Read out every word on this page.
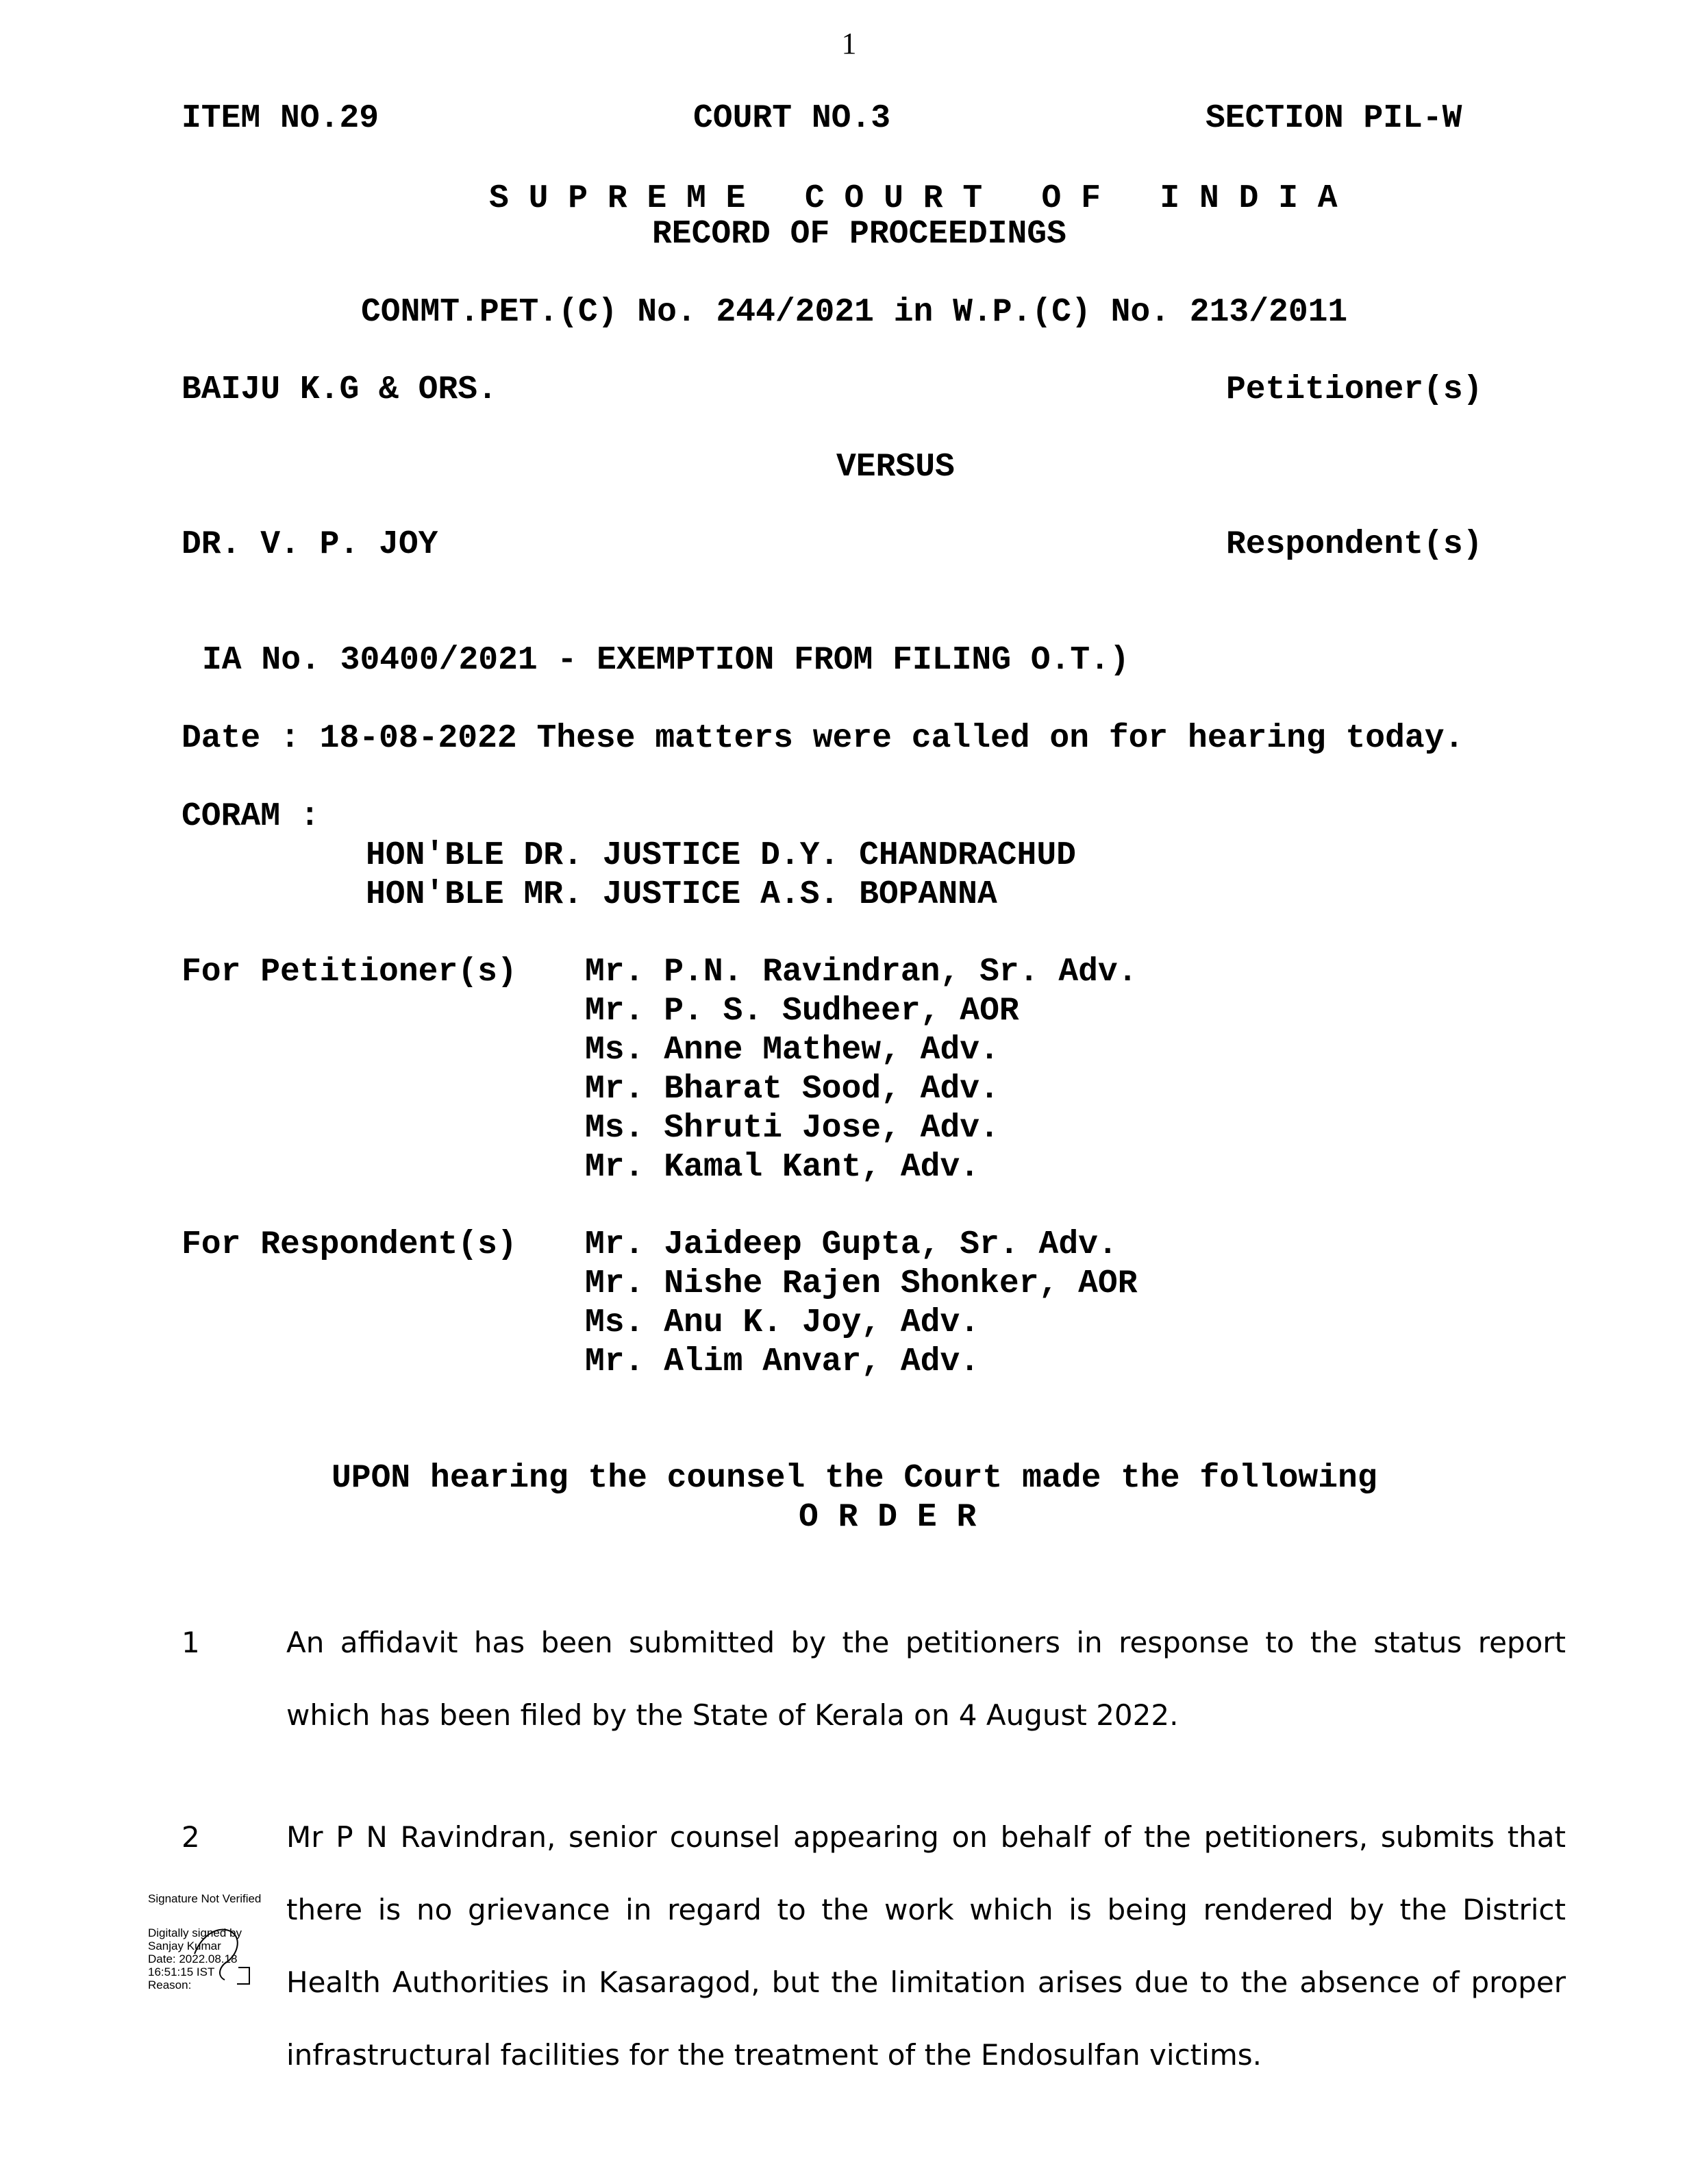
1
ITEM NO.29	COURT NO.3	SECTION PIL-W
S U P R E M E   C O U R T   O F   I N D I A
RECORD OF PROCEEDINGS
CONMT.PET.(C) No. 244/2021 in W.P.(C) No. 213/2011
BAIJU K.G & ORS.	Petitioner(s)
VERSUS
DR. V. P. JOY	Respondent(s)
IA No. 30400/2021 - EXEMPTION FROM FILING O.T.)
Date : 18-08-2022 These matters were called on for hearing today.
CORAM :
HON'BLE DR. JUSTICE D.Y. CHANDRACHUD
HON'BLE MR. JUSTICE A.S. BOPANNA
For Petitioner(s) Mr. P.N. Ravindran, Sr. Adv.
Mr. P. S. Sudheer, AOR
Ms. Anne Mathew, Adv.
Mr. Bharat Sood, Adv.
Ms. Shruti Jose, Adv.
Mr. Kamal Kant, Adv.
For Respondent(s) Mr. Jaideep Gupta, Sr. Adv.
Mr. Nishe Rajen Shonker, AOR
Ms. Anu K. Joy, Adv.
Mr. Alim Anvar, Adv.
UPON hearing the counsel the Court made the following
O R D E R
1	An affidavit has been submitted by the petitioners in response to the status report which has been filed by the State of Kerala on 4 August 2022.
2	Mr P N Ravindran, senior counsel appearing on behalf of the petitioners, submits that there is no grievance in regard to the work which is being rendered by the District Health Authorities in Kasaragod, but the limitation arises due to the absence of proper infrastructural facilities for the treatment of the Endosulfan victims.
Signature Not Verified
Digitally signed by
Sanjay Kumar
Date: 2022.08.18
16:51:15 IST
Reason:
